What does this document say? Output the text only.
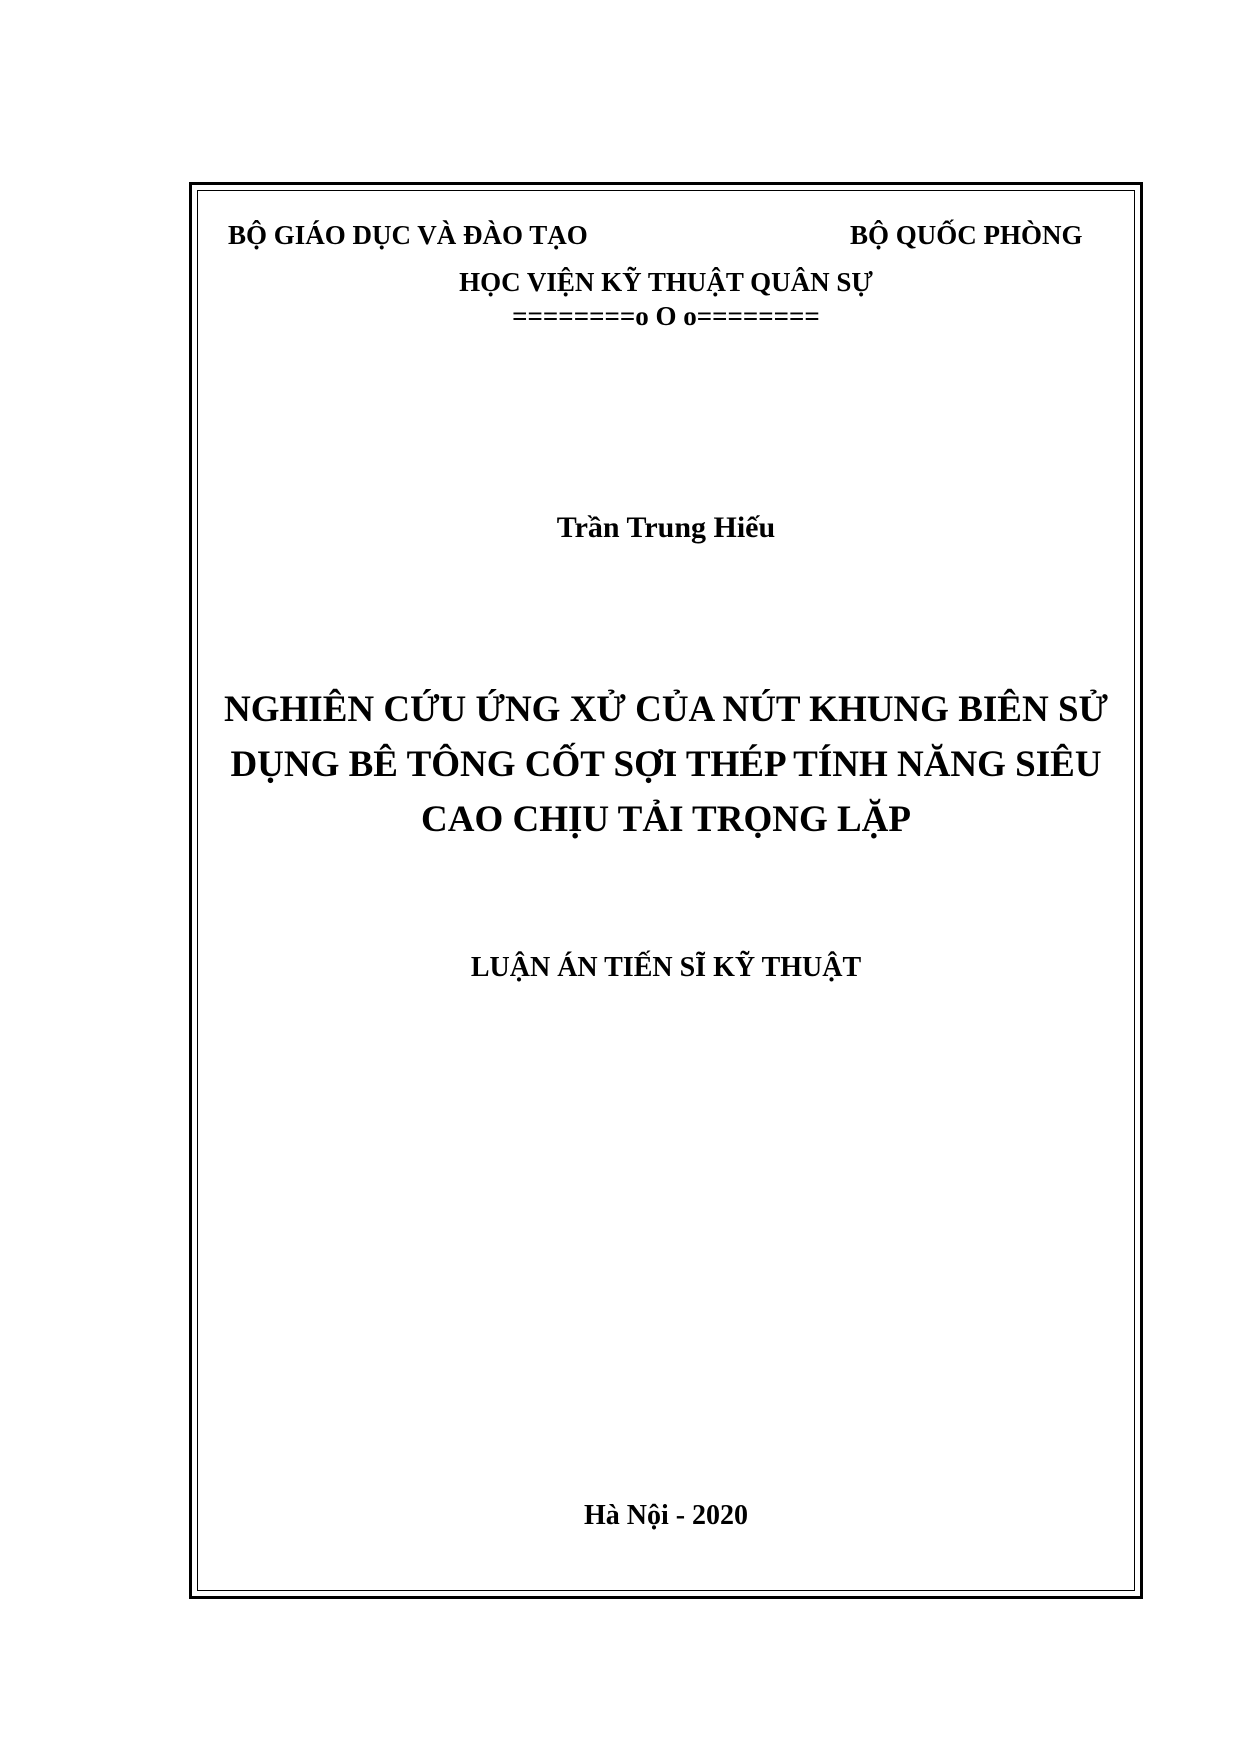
BỘ GIÁO DỤC VÀ ĐÀO TẠO	BỘ QUỐC PHÒNG
HỌC VIỆN KỸ THUẬT QUÂN SỰ
========o O o========
Trần Trung Hiếu
NGHIÊN CỨU ỨNG XỬ CỦA NÚT KHUNG BIÊN SỬ
DỤNG BÊ TÔNG CỐT SỢI THÉP TÍNH NĂNG SIÊU
CAO CHỊU TẢI TRỌNG LẶP
LUẬN ÁN TIẾN SĨ KỸ THUẬT
Hà Nội - 2020
